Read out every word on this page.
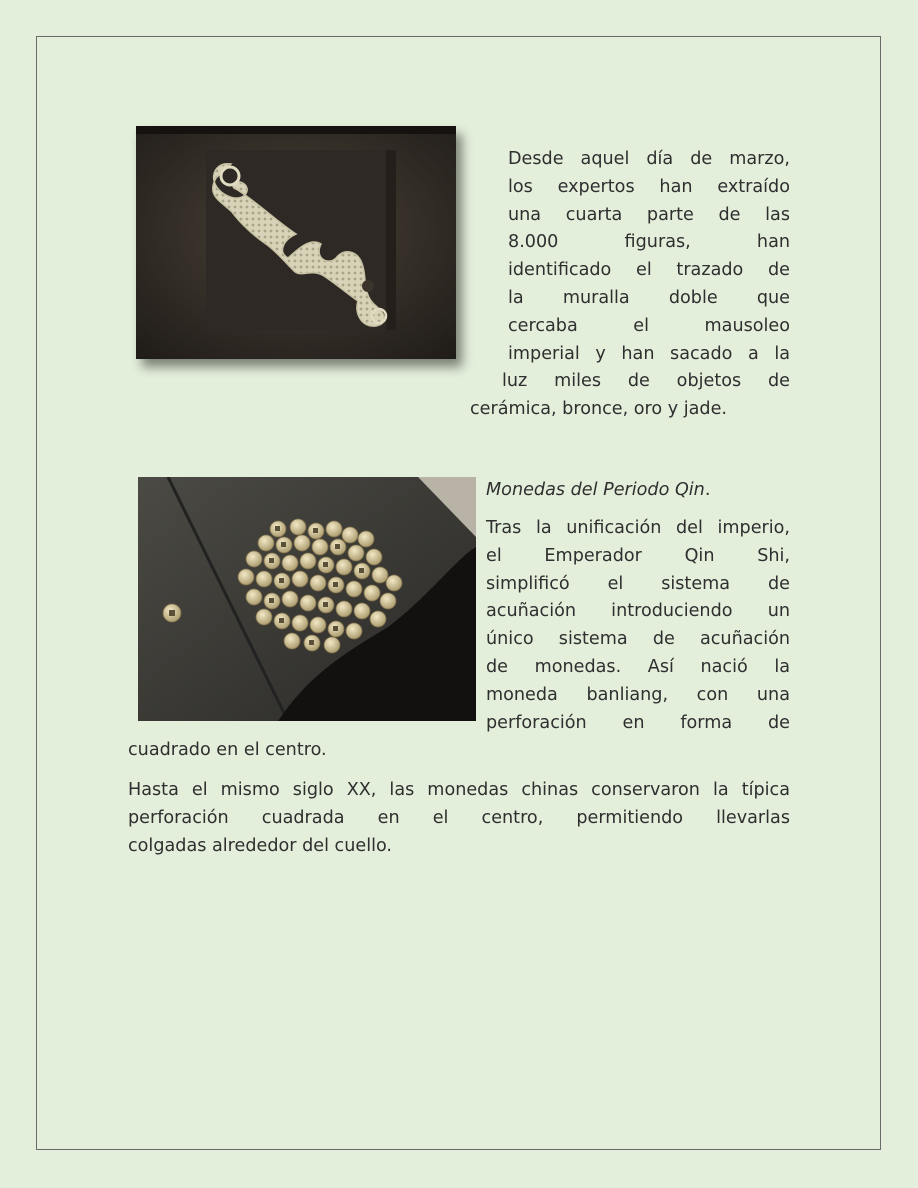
Desde aquel día de marzo,
los expertos han extraído
una cuarta parte de las
8.000 figuras, han
identificado el trazado de
la muralla doble que
cercaba el mausoleo
imperial y han sacado a la
luz miles de objetos de
cerámica, bronce, oro y jade.

Monedas del Periodo Qin.

Tras la unificación del imperio,
el Emperador Qin Shi,
simplificó el sistema de
acuñación introduciendo un
único sistema de acuñación
de monedas. Así nació la
moneda banliang, con una
perforación en forma de
cuadrado en el centro.
Hasta el mismo siglo XX, las monedas chinas conservaron la típica
perforación cuadrada en el centro, permitiendo llevarlas
colgadas alrededor del cuello.
